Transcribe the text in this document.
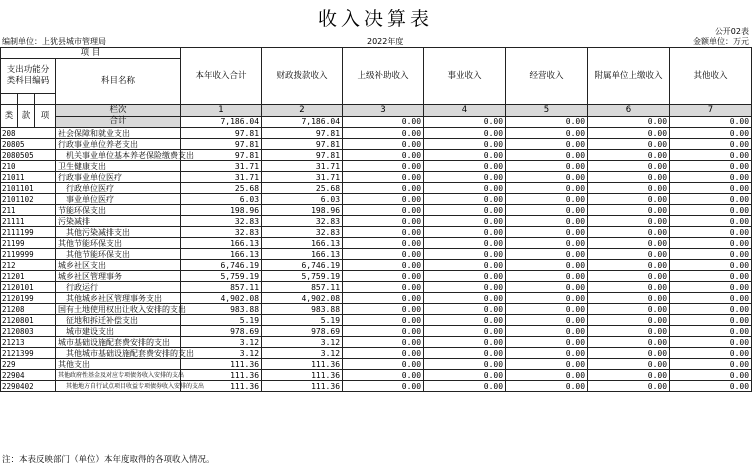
收入决算表
公开02表
编制单位：上犹县城市管理局	2022年度	金额单位：万元
项 目				本年收入合计	财政拨款收入	上级补助收入	事业收入	经营收入	附属单位上缴收入	其他收入
支出功能分类科目编码			科目名称							

类	款	项	栏次	1	2	3	4	5	6	7
			合计	7,186.04	7,186.04	0.00	0.00	0.00	0.00	0.00
208			社会保障和就业支出	97.81	97.81	0.00	0.00	0.00	0.00	0.00
20805			行政事业单位养老支出	97.81	97.81	0.00	0.00	0.00	0.00	0.00
2080505			机关事业单位基本养老保险缴费支出	97.81	97.81	0.00	0.00	0.00	0.00	0.00
210			卫生健康支出	31.71	31.71	0.00	0.00	0.00	0.00	0.00
21011			行政事业单位医疗	31.71	31.71	0.00	0.00	0.00	0.00	0.00
2101101			行政单位医疗	25.68	25.68	0.00	0.00	0.00	0.00	0.00
2101102			事业单位医疗	6.03	6.03	0.00	0.00	0.00	0.00	0.00
211			节能环保支出	198.96	198.96	0.00	0.00	0.00	0.00	0.00
21111			污染减排	32.83	32.83	0.00	0.00	0.00	0.00	0.00
2111199			其他污染减排支出	32.83	32.83	0.00	0.00	0.00	0.00	0.00
21199			其他节能环保支出	166.13	166.13	0.00	0.00	0.00	0.00	0.00
2119999			其他节能环保支出	166.13	166.13	0.00	0.00	0.00	0.00	0.00
212			城乡社区支出	6,746.19	6,746.19	0.00	0.00	0.00	0.00	0.00
21201			城乡社区管理事务	5,759.19	5,759.19	0.00	0.00	0.00	0.00	0.00
2120101			行政运行	857.11	857.11	0.00	0.00	0.00	0.00	0.00
2120199			其他城乡社区管理事务支出	4,902.08	4,902.08	0.00	0.00	0.00	0.00	0.00
21208			国有土地使用权出让收入安排的支出	983.88	983.88	0.00	0.00	0.00	0.00	0.00
2120801			征地和拆迁补偿支出	5.19	5.19	0.00	0.00	0.00	0.00	0.00
2120803			城市建设支出	978.69	978.69	0.00	0.00	0.00	0.00	0.00
21213			城市基础设施配套费安排的支出	3.12	3.12	0.00	0.00	0.00	0.00	0.00
2121399			其他城市基础设施配套费安排的支出	3.12	3.12	0.00	0.00	0.00	0.00	0.00
229			其他支出	111.36	111.36	0.00	0.00	0.00	0.00	0.00
22904			其他政府性基金及对应专项债务收入安排的支出	111.36	111.36	0.00	0.00	0.00	0.00	0.00
2290402			其他地方自行试点项目收益专项债券收入安排的支出	111.36	111.36	0.00	0.00	0.00	0.00	0.00
注：本表反映部门（单位）本年度取得的各项收入情况。
